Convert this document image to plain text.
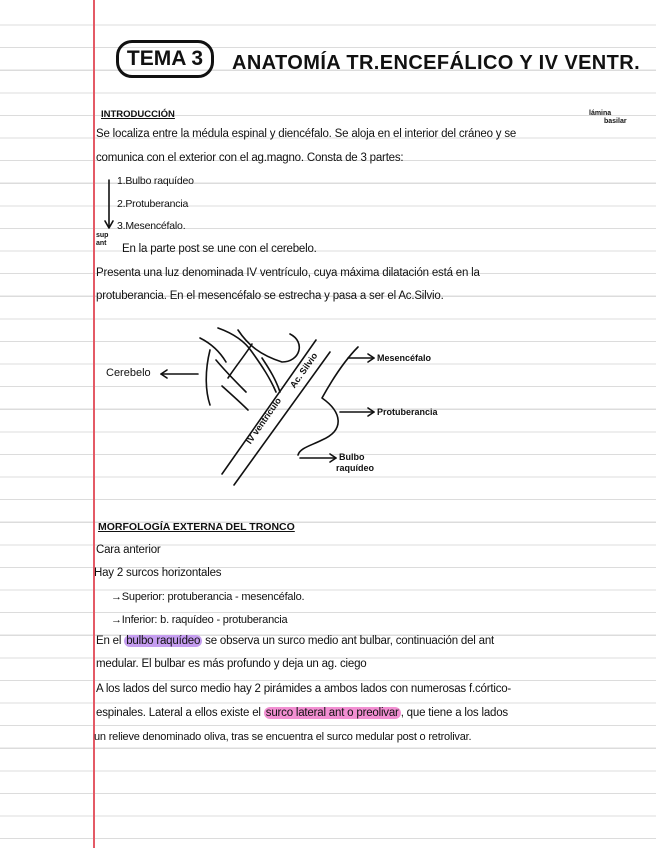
TEMA 3	ANATOMÍA TR.ENCEFÁLICO Y IV VENTR.
INTRODUCCIÓN	lámina
basilar
Se localiza entre la médula espinal y diencéfalo. Se aloja en el interior del cráneo y se
comunica con el exterior con el ag.magno. Consta de 3 partes:
1.Bulbo raquídeo
2.Protuberancia
3.Mesencéfalo.
sup
ant En la parte post se une con el cerebelo.
Presenta una luz denominada IV ventrículo, cuya máxima dilatación está en la
protuberancia. En el mesencéfalo se estrecha y pasa a ser el Ac.Silvio.
Cerebelo
Mesencéfalo
Protuberancia
Bulbo
raquídeo
IV ventrículo
Ac. Silvio
MORFOLOGÍA EXTERNA DEL TRONCO
Cara anterior
Hay 2 surcos horizontales
→Superior: protuberancia - mesencéfalo.
→Inferior: b. raquídeo - protuberancia
En el bulbo raquídeo se observa un surco medio ant bulbar, continuación del ant
medular. El bulbar es más profundo y deja un ag. ciego
A los lados del surco medio hay 2 pirámides a ambos lados con numerosas f.córtico-
espinales. Lateral a ellos existe el surco lateral ant o preolivar , que tiene a los lados
un relieve denominado oliva, tras se encuentra el surco medular post o retrolivar.
